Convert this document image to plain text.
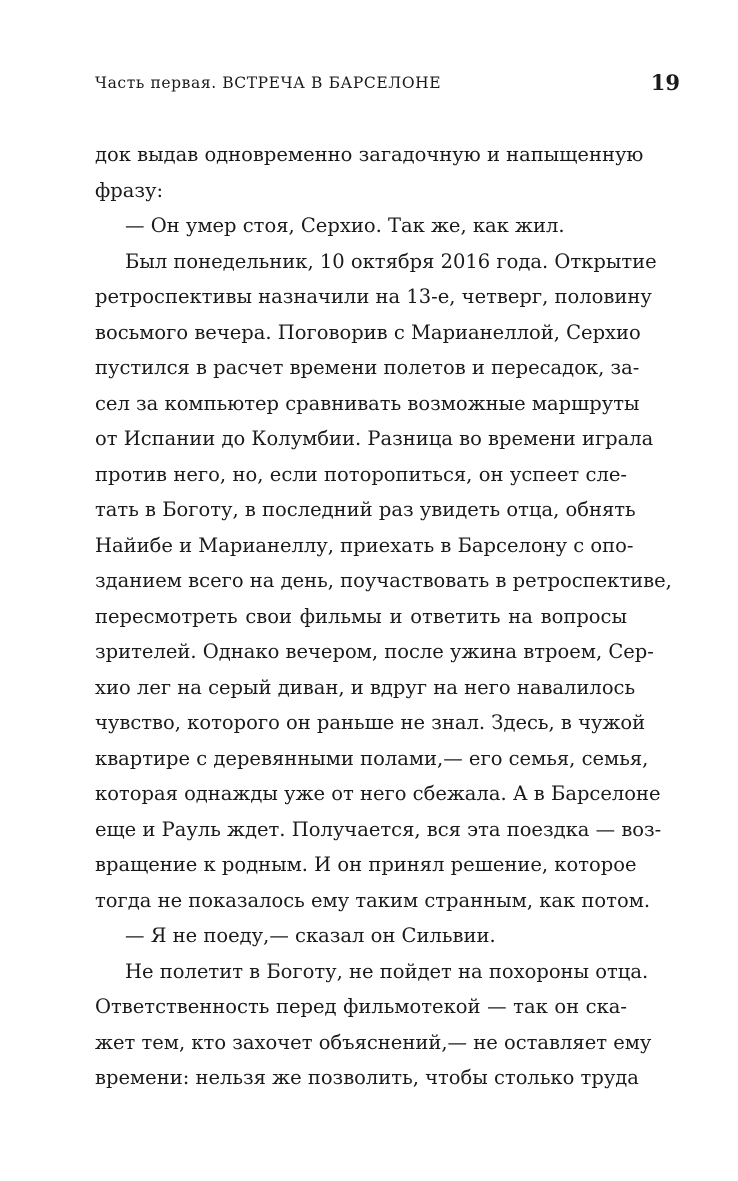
Часть первая. ВСТРЕЧА В БАРСЕЛОНЕ	19
док выдав одновременно загадочную и напыщенную
фразу:
— Он умер стоя, Серхио. Так же, как жил.
Был понедельник, 10 октября 2016 года. Открытие
ретроспективы назначили на 13-е, четверг, половину
восьмого вечера. Поговорив с Марианеллой, Серхио
пустился в расчет времени полетов и пересадок, за-
сел за компьютер сравнивать возможные маршруты
от Испании до Колумбии. Разница во времени играла
против него, но, если поторопиться, он успеет сле-
тать в Боготу, в последний раз увидеть отца, обнять
Найибе и Марианеллу, приехать в Барселону с опо-
зданием всего на день, поучаствовать в ретроспективе,
пересмотреть свои фильмы и ответить на вопросы
зрителей. Однако вечером, после ужина втроем, Сер-
хио лег на серый диван, и вдруг на него навалилось
чувство, которого он раньше не знал. Здесь, в чужой
квартире с деревянными полами,— его семья, семья,
которая однажды уже от него сбежала. А в Барселоне
еще и Рауль ждет. Получается, вся эта поездка — воз-
вращение к родным. И он принял решение, которое
тогда не показалось ему таким странным, как потом.
— Я не поеду,— сказал он Сильвии.
Не полетит в Боготу, не пойдет на похороны отца.
Ответственность перед фильмотекой — так он ска-
жет тем, кто захочет объяснений,— не оставляет ему
времени: нельзя же позволить, чтобы столько труда
